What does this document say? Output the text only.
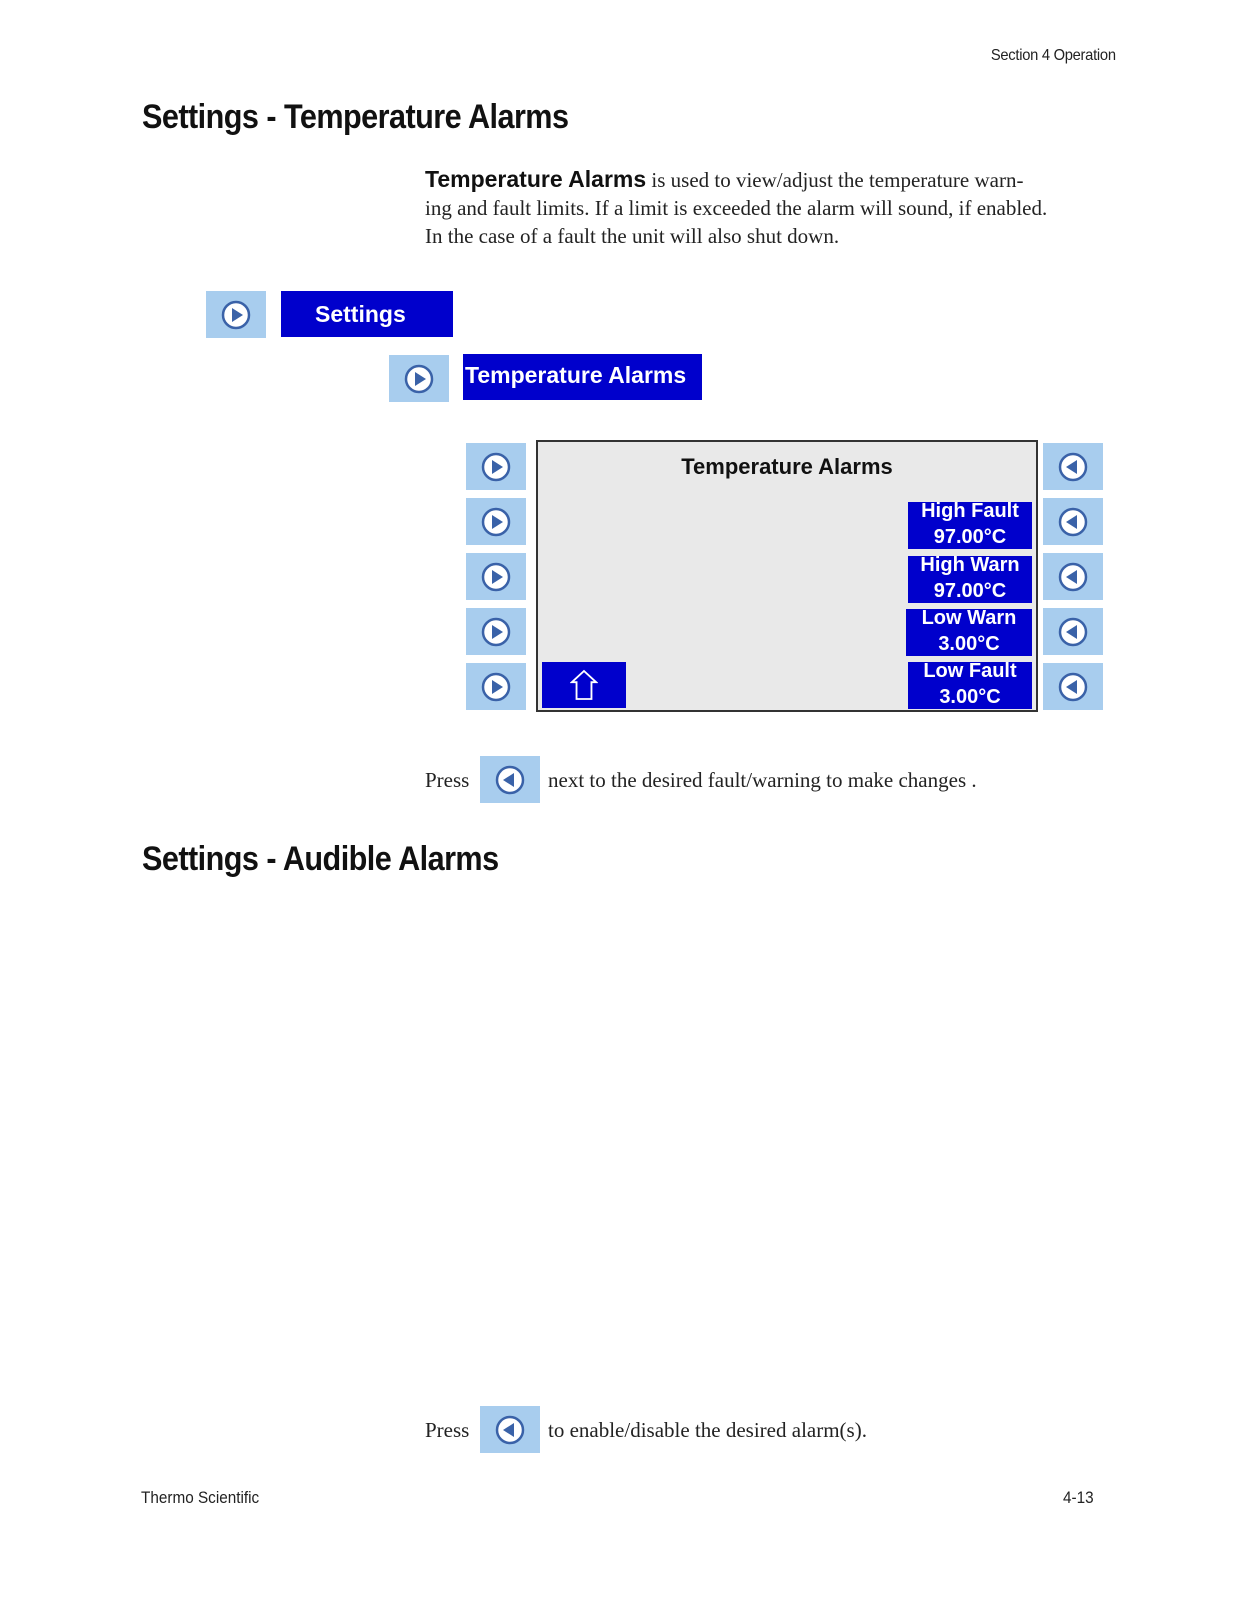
Section 4 Operation
Settings - Temperature Alarms
Temperature Alarms is used to view/adjust the temperature warn-
ing and fault limits. If a limit is exceeded the alarm will sound, if enabled.
In the case of a fault the unit will also shut down.
Settings
Temperature Alarms
Temperature Alarms
High Fault
97.00°C
High Warn
97.00°C
Low Warn
3.00°C
Low Fault
3.00°C
Press	next to the desired fault/warning to make changes .
Settings - Audible Alarms
Press	to enable/disable the desired alarm(s).
Thermo Scientific	4-13
